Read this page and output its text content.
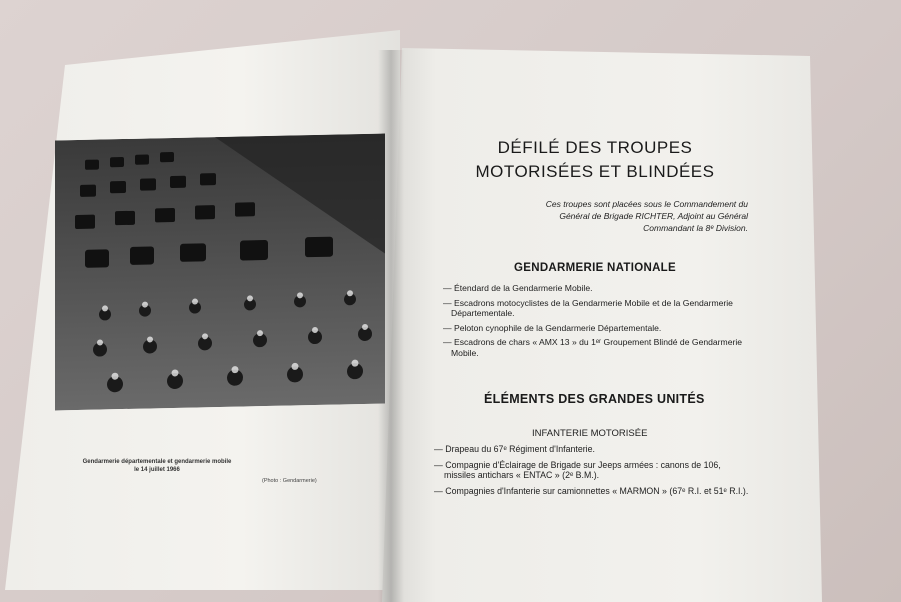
Gendarmerie départementale et gendarmerie mobile
le 14 juillet 1966
(Photo : Gendarmerie)
DÉFILÉ DES TROUPES
MOTORISÉES ET BLINDÉES
Ces troupes sont placées sous le Commandement du Général de Brigade RICHTER, Adjoint au Général Commandant la 8ᵉ Division.
GENDARMERIE NATIONALE
— Étendard de la Gendarmerie Mobile.
— Escadrons motocyclistes de la Gendarmerie Mobile et de la Gendarmerie Départementale.
— Peloton cynophile de la Gendarmerie Départementale.
— Escadrons de chars « AMX 13 » du 1ᵉʳ Groupement Blindé de Gendarmerie Mobile.
ÉLÉMENTS DES GRANDES UNITÉS
INFANTERIE MOTORISÉE
— Drapeau du 67ᵉ Régiment d'Infanterie.
— Compagnie d'Éclairage de Brigade sur Jeeps armées : canons de 106, missiles antichars « ENTAC » (2ᵉ B.M.).
— Compagnies d'Infanterie sur camionnettes « MARMON » (67ᵉ R.I. et 51ᵉ R.I.).
